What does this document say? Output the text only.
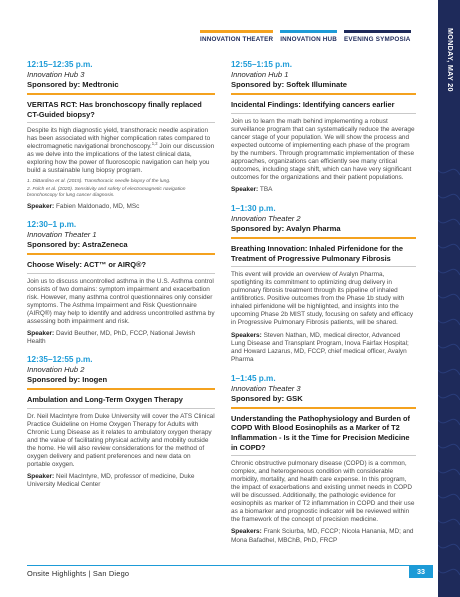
INNOVATION THEATER INNOVATION HUB EVENING SYMPOSIA	MONDAY, MAY 20
12:15–12:35 p.m.
Innovation Hub 3
Sponsored by: Medtronic
VERITAS RCT: Has bronchoscopy finally replaced CT-Guided biopsy?
Despite its high diagnostic yield, transthoracic needle aspiration has been associated with higher complication rates compared to electromagnetic navigational bronchoscopy.$^{1,2}$ Join our discussion as we delve into the implications of the latest clinical data, exploring how the power of fluoroscopic navigation can help you build a sustainable lung biopsy program.
1. DiBardino et al. (2015). Transthoracic needle biopsy of the lung.
2. Folch et al. (2020). Sensitivity and safety of electromagnetic navigation bronchoscopy for lung cancer diagnosis.
Speaker: Fabien Maldonado, MD, MSc
12:30–1 p.m.
Innovation Theater 1
Sponsored by: AstraZeneca
Choose Wisely: ACT™ or AIRQ®?
Join us to discuss uncontrolled asthma in the U.S. Asthma control consists of two domains: symptom impairment and exacerbation risk. However, many asthma control questionnaires only consider symptoms. The Asthma Impairment and Risk Questionnaire (AIRQ®) may help to identify and address uncontrolled asthma by assessing both impairment and risk.
Speaker: David Beuther, MD, PhD, FCCP, National Jewish Health
12:35–12:55 p.m.
Innovation Hub 2
Sponsored by: Inogen
Ambulation and Long-Term Oxygen Therapy
Dr. Neil MacIntyre from Duke University will cover the ATS Clinical Practice Guideline on Home Oxygen Therapy for Adults with Chronic Lung Disease as it relates to ambulatory oxygen therapy and the value of facilitating physical activity and mobility outside the home. He will also review considerations for the method of oxygen delivery and patient preferences and new data on portable oxygen.
Speaker: Neil MacIntyre, MD, professor of medicine, Duke University Medical Center
12:55–1:15 p.m.
Innovation Hub 1
Sponsored by: Softek Illuminate
Incidental Findings: Identifying cancers earlier
Join us to learn the math behind implementing a robust surveillance program that can systematically reduce the average cancer stage of your population. We will show the process and expected outcome of implementing each phase of the program by the numbers. Through programmatic implementation of these approaches, organizations can efficiently see many critical outcomes, including stage shift, which can have very significant outcomes for the organizations and their patient populations.
Speaker: TBA
1–1:30 p.m.
Innovation Theater 2
Sponsored by: Avalyn Pharma
Breathing Innovation: Inhaled Pirfenidone for the Treatment of Progressive Pulmonary Fibrosis
This event will provide an overview of Avalyn Pharma, spotlighting its commitment to optimizing drug delivery in pulmonary fibrosis treatment through its pipeline of inhaled antifibrotics. Positive outcomes from the Phase 1b study with inhaled pirfenidone will be highlighted, and insights into the upcoming Phase 2b MIST study, focusing on safety and efficacy in Progressive Pulmonary Fibrosis patients, will be shared.
Speakers: Steven Nathan, MD, medical director, Advanced Lung Disease and Transplant Program, Inova Fairfax Hospital; and Howard Lazarus, MD, FCCP, chief medical officer, Avalyn Pharma
1–1:45 p.m.
Innovation Theater 3
Sponsored by: GSK
Understanding the Pathophysiology and Burden of COPD With Blood Eosinophils as a Marker of T2 Inflammation - Is it the Time for Precision Medicine in COPD?
Chronic obstructive pulmonary disease (COPD) is a common, complex, and heterogeneous condition with considerable morbidity, mortality, and health care expense. In this program, the impact of exacerbations and existing unmet needs in COPD will be discussed. Additionally, the pathologic evidence for eosinophils as marker of T2 inflammation in COPD and their use as a biomarker and prognostic indicator will be reviewed within the framework of the concept of precision medicine.
Speakers: Frank Sciurba, MD, FCCP; Nicola Hanania, MD; and Mona Bafadhel, MBChB, PhD, FRCP
Onsite Highlights | San Diego	33
